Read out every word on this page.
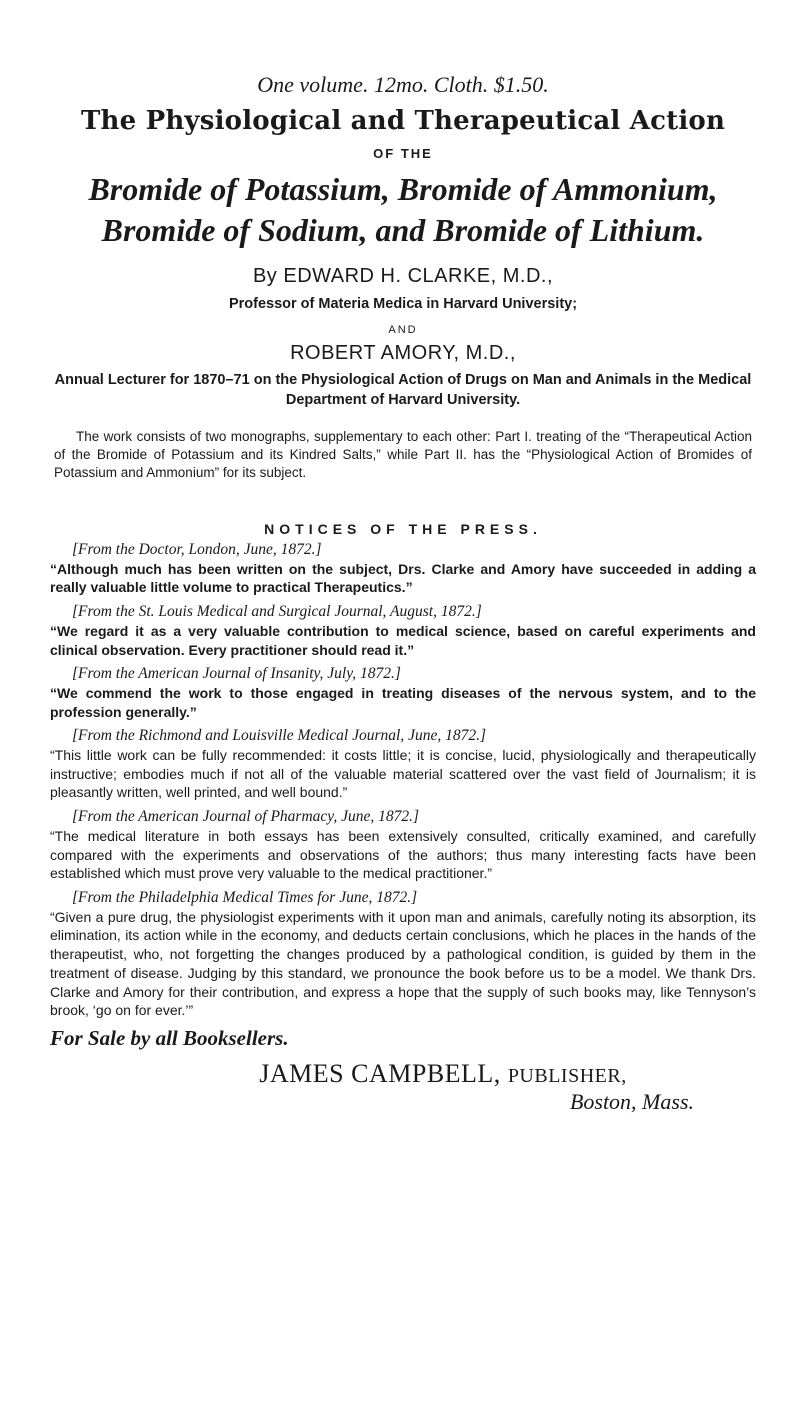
One volume. 12mo. Cloth. $1.50.

The Physiological and Therapeutical Action

OF THE

Bromide of Potassium, Bromide of Ammonium, Bromide of Sodium, and Bromide of Lithium.

By EDWARD H. CLARKE, M.D.,

Professor of Materia Medica in Harvard University;

AND

ROBERT AMORY, M.D.,

Annual Lecturer for 1870–71 on the Physiological Action of Drugs on Man and Animals in the Medical Department of Harvard University.

The work consists of two monographs, supplementary to each other: Part I. treating of the “Therapeutical Action of the Bromide of Potassium and its Kindred Salts,” while Part II. has the “Physiological Action of Bromides of Potassium and Ammonium” for its subject.

NOTICES OF THE PRESS.

[From the Doctor, London, June, 1872.]

“Although much has been written on the subject, Drs. Clarke and Amory have succeeded in adding a really valuable little volume to practical Therapeutics.”

[From the St. Louis Medical and Surgical Journal, August, 1872.]

“We regard it as a very valuable contribution to medical science, based on careful experiments and clinical observation. Every practitioner should read it.”

[From the American Journal of Insanity, July, 1872.]

“We commend the work to those engaged in treating diseases of the nervous system, and to the profession generally.”

[From the Richmond and Louisville Medical Journal, June, 1872.]

“This little work can be fully recommended: it costs little; it is concise, lucid, physiologically and therapeutically instructive; embodies much if not all of the valuable material scattered over the vast field of Journalism; it is pleasantly written, well printed, and well bound.”

[From the American Journal of Pharmacy, June, 1872.]

“The medical literature in both essays has been extensively consulted, critically examined, and carefully compared with the experiments and observations of the authors; thus many interesting facts have been established which must prove very valuable to the medical practitioner.”

[From the Philadelphia Medical Times for June, 1872.]

“Given a pure drug, the physiologist experiments with it upon man and animals, carefully noting its absorption, its elimination, its action while in the economy, and deducts certain conclusions, which he places in the hands of the therapeutist, who, not forgetting the changes produced by a pathological condition, is guided by them in the treatment of disease. Judging by this standard, we pronounce the book before us to be a model. We thank Drs. Clarke and Amory for their contribution, and express a hope that the supply of such books may, like Tennyson’s brook, ‘go on for ever.’”

For Sale by all Booksellers.

JAMES CAMPBELL, PUBLISHER,

Boston, Mass.
